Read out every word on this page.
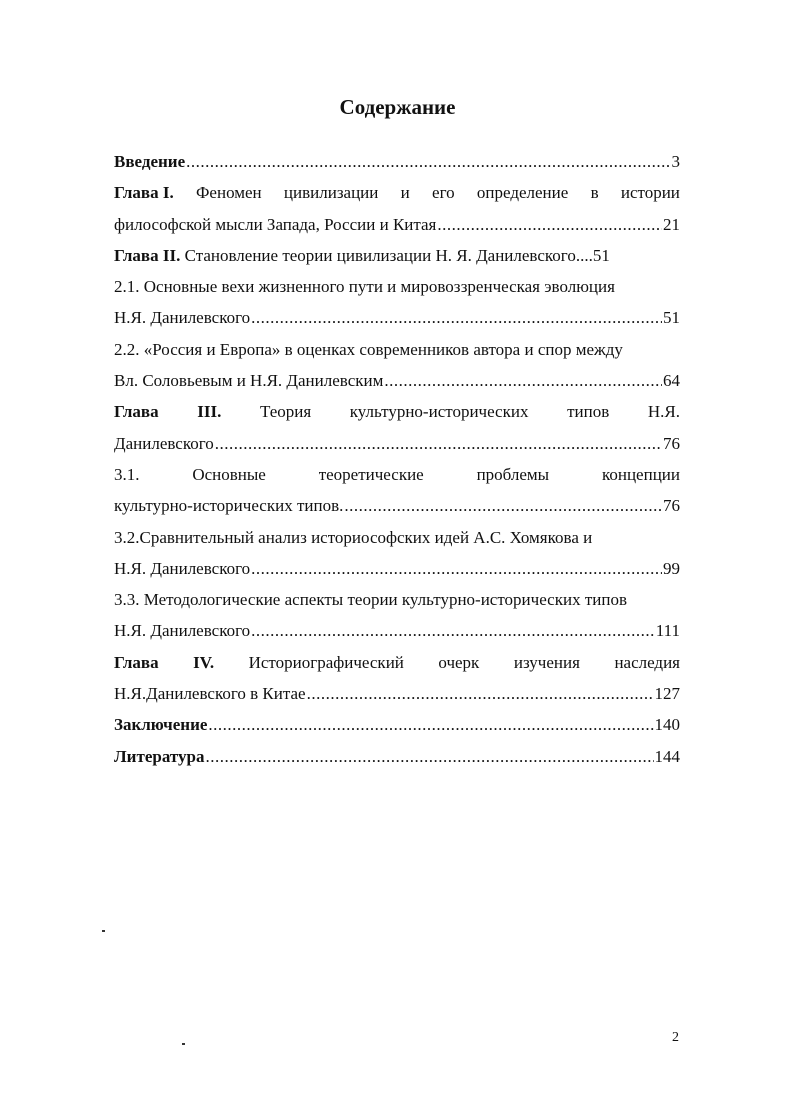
Содержание
Введение .....	3
Глава I. Феномен цивилизации и его определение в истории
философской мысли Запада, России и Китая .....	21
Глава II. Становление теории цивилизации Н. Я. Данилевского ....51
2.1. Основные вехи жизненного пути и мировоззренческая эволюция
Н.Я. Данилевского .....	51
2.2. «Россия и Европа» в оценках современников автора и спор между
Вл. Соловьевым и Н.Я. Данилевским .....	64
Глава III. Теория культурно-исторических типов Н.Я.
Данилевского .....	76
3.1.	Основные	теоретические	проблемы	концепции
культурно-исторических типов. .....	76
3.2.Сравнительный анализ историософских идей А.С. Хомякова и
Н.Я. Данилевского .....	99
3.3. Методологические аспекты теории культурно-исторических типов
Н.Я. Данилевского .....	111
Глава IV. Историографический очерк изучения наследия
Н.Я.Данилевского в Китае .....	127
Заключение .....	140
Литература .....	144
2
